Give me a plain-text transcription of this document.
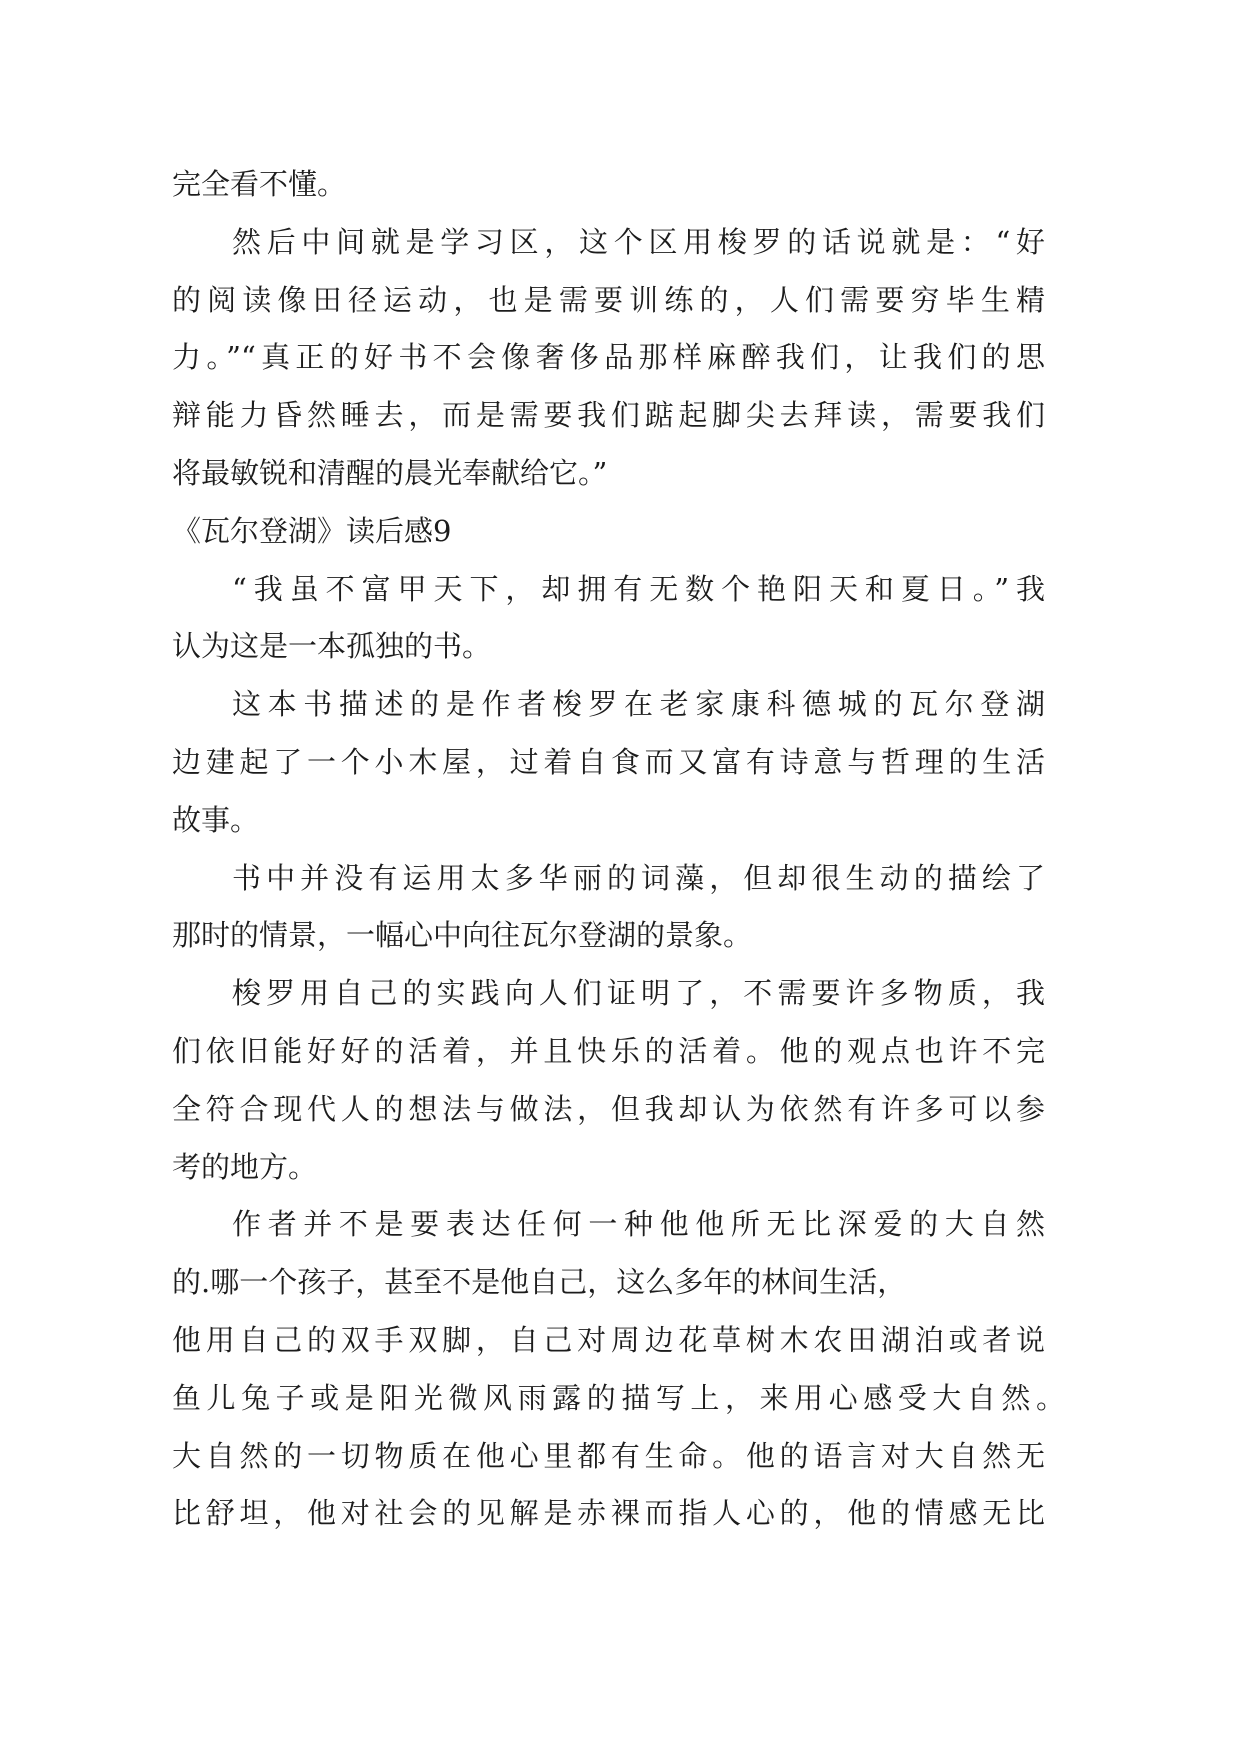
完全看不懂。
然后中间就是学习区，这个区用梭罗的话说就是：“好
的阅读像田径运动，也是需要训练的，人们需要穷毕生精
力。”“真正的好书不会像奢侈品那样麻醉我们，让我们的思
辩能力昏然睡去，而是需要我们踮起脚尖去拜读，需要我们
将最敏锐和清醒的晨光奉献给它。”
《瓦尔登湖》读后感9
“我虽不富甲天下，却拥有无数个艳阳天和夏日。”我
认为这是一本孤独的书。
这本书描述的是作者梭罗在老家康科德城的瓦尔登湖
边建起了一个小木屋，过着自食而又富有诗意与哲理的生活
故事。
书中并没有运用太多华丽的词藻，但却很生动的描绘了
那时的情景，一幅心中向往瓦尔登湖的景象。
梭罗用自己的实践向人们证明了，不需要许多物质，我
们依旧能好好的活着，并且快乐的活着。他的观点也许不完
全符合现代人的想法与做法，但我却认为依然有许多可以参
考的地方。
作者并不是要表达任何一种他他所无比深爱的大自然
的.哪一个孩子，甚至不是他自己，这么多年的林间生活，
他用自己的双手双脚，自己对周边花草树木农田湖泊或者说
鱼儿兔子或是阳光微风雨露的描写上，来用心感受大自然。
大自然的一切物质在他心里都有生命。他的语言对大自然无
比舒坦，他对社会的见解是赤裸而指人心的，他的情感无比
